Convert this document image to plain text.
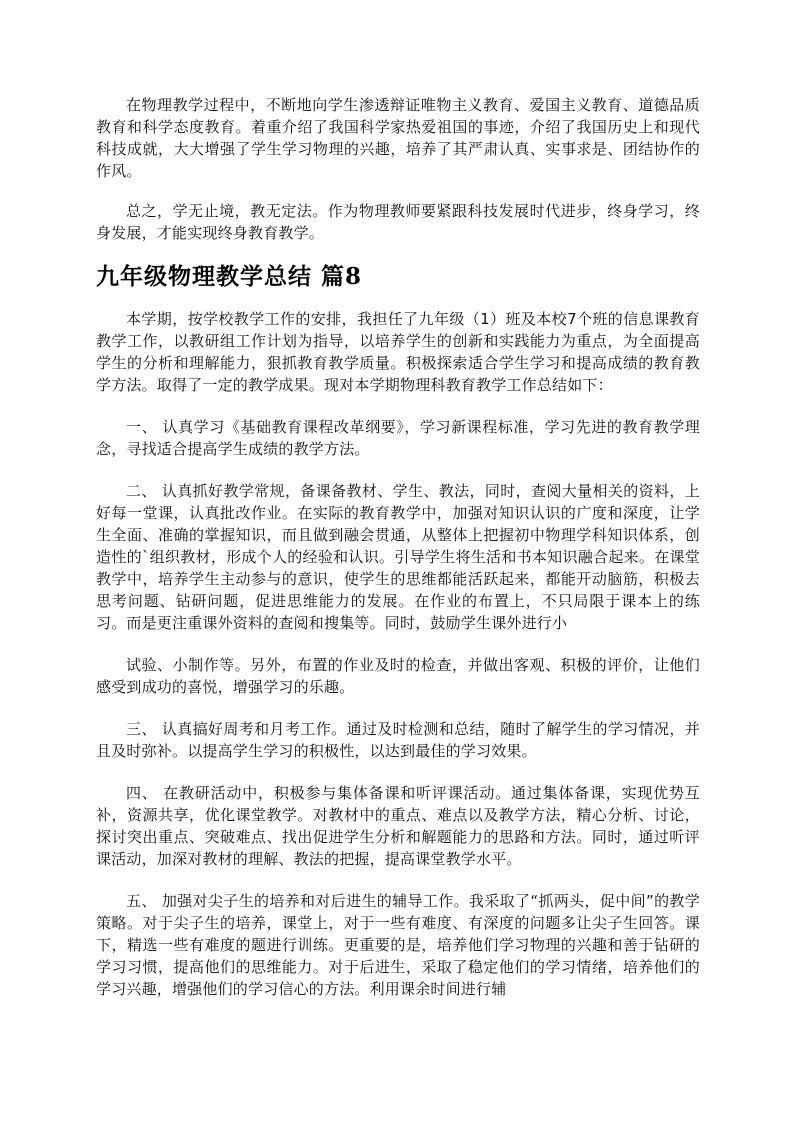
在物理教学过程中，不断地向学生渗透辩证唯物主义教育、爱国主义教育、道德品质教育和科学态度教育。着重介绍了我国科学家热爱祖国的事迹，介绍了我国历史上和现代科技成就，大大增强了学生学习物理的兴趣，培养了其严肃认真、实事求是、团结协作的作风。

总之，学无止境，教无定法。作为物理教师要紧跟科技发展时代进步，终身学习，终身发展，才能实现终身教育教学。

九年级物理教学总结 篇8

本学期，按学校教学工作的安排，我担任了九年级（1）班及本校7个班的信息课教育教学工作，以教研组工作计划为指导，以培养学生的创新和实践能力为重点，为全面提高学生的分析和理解能力，狠抓教育教学质量。积极探索适合学生学习和提高成绩的教育教学方法。取得了一定的教学成果。现对本学期物理科教育教学工作总结如下：

一、 认真学习《基础教育课程改革纲要》，学习新课程标准，学习先进的教育教学理念，寻找适合提高学生成绩的教学方法。

二、 认真抓好教学常规，备课备教材、学生、教法，同时，查阅大量相关的资料，上好每一堂课，认真批改作业。在实际的教育教学中，加强对知识认识的广度和深度，让学生全面、准确的掌握知识，而且做到融会贯通，从整体上把握初中物理学科知识体系，创造性的`组织教材，形成个人的经验和认识。引导学生将生活和书本知识融合起来。在课堂教学中，培养学生主动参与的意识，使学生的思维都能活跃起来，都能开动脑筋，积极去思考问题、钻研问题，促进思维能力的发展。在作业的布置上，不只局限于课本上的练习。而是更注重课外资料的查阅和搜集等。同时，鼓励学生课外进行小

试验、小制作等。另外，布置的作业及时的检查，并做出客观、积极的评价，让他们感受到成功的喜悦，增强学习的乐趣。

三、 认真搞好周考和月考工作。通过及时检测和总结，随时了解学生的学习情况，并且及时弥补。以提高学生学习的积极性，以达到最佳的学习效果。

四、 在教研活动中，积极参与集体备课和听评课活动。通过集体备课，实现优势互补，资源共享，优化课堂教学。对教材中的重点、难点以及教学方法，精心分析、讨论，探讨突出重点、突破难点、找出促进学生分析和解题能力的思路和方法。同时，通过听评课活动，加深对教材的理解、教法的把握，提高课堂教学水平。

五、 加强对尖子生的培养和对后进生的辅导工作。我采取了“抓两头，促中间”的教学策略。对于尖子生的培养，课堂上，对于一些有难度、有深度的问题多让尖子生回答。课下，精选一些有难度的题进行训练。更重要的是，培养他们学习物理的兴趣和善于钻研的学习习惯，提高他们的思维能力。对于后进生，采取了稳定他们的学习情绪，培养他们的学习兴趣，增强他们的学习信心的方法。利用课余时间进行辅
